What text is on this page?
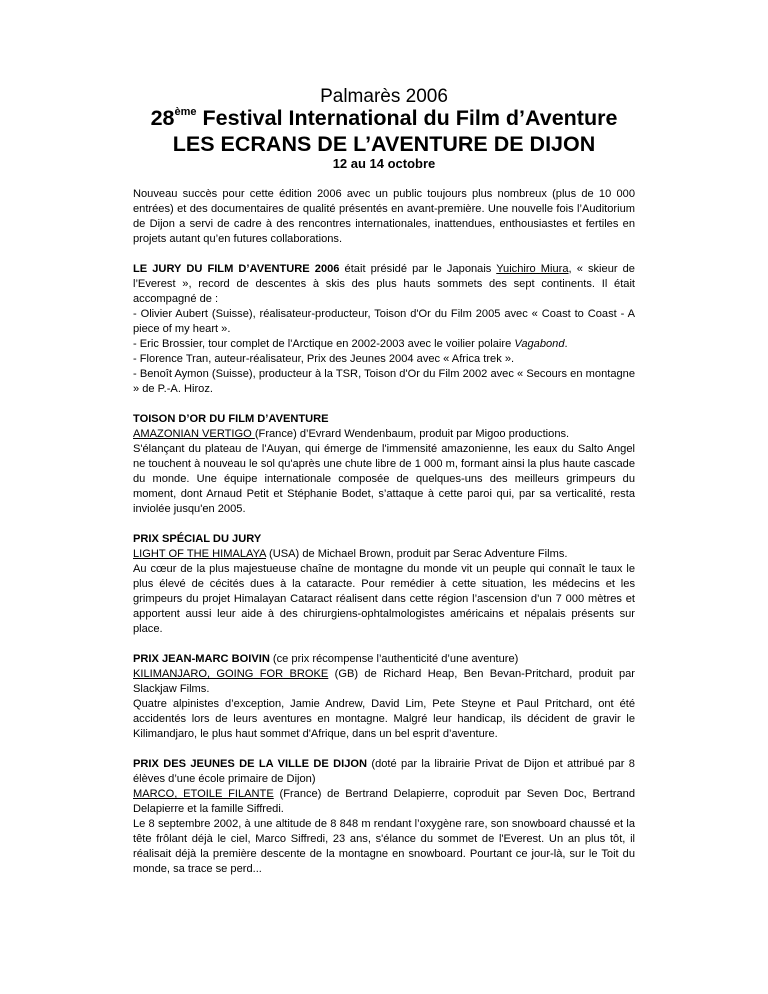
Palmarès 2006
28ème Festival International du Film d’Aventure
LES ECRANS DE L’AVENTURE DE DIJON
12 au 14 octobre

Nouveau succès pour cette édition 2006 avec un public toujours plus nombreux (plus de 10 000 entrées) et des documentaires de qualité présentés en avant-première. Une nouvelle fois l’Auditorium de Dijon a servi de cadre à des rencontres internationales, inattendues, enthousiastes et fertiles en projets autant qu’en futures collaborations.

LE JURY DU FILM D’AVENTURE 2006 était présidé par le Japonais Yuichiro Miura, « skieur de l’Everest », record de descentes à skis des plus hauts sommets des sept continents. Il était accompagné de :
- Olivier Aubert (Suisse), réalisateur-producteur, Toison d'Or du Film 2005 avec « Coast to Coast - A piece of my heart ».
- Eric Brossier, tour complet de l'Arctique en 2002-2003 avec le voilier polaire Vagabond.
- Florence Tran, auteur-réalisateur, Prix des Jeunes 2004 avec « Africa trek ».
- Benoît Aymon (Suisse), producteur à la TSR, Toison d'Or du Film 2002 avec « Secours en montagne » de P.-A. Hiroz.

TOISON D’OR DU FILM D’AVENTURE
AMAZONIAN VERTIGO (France) d’Evrard Wendenbaum, produit par Migoo productions.
S'élançant du plateau de l'Auyan, qui émerge de l'immensité amazonienne, les eaux du Salto Angel ne touchent à nouveau le sol qu'après une chute libre de 1 000 m, formant ainsi la plus haute cascade du monde. Une équipe internationale composée de quelques-uns des meilleurs grimpeurs du moment, dont Arnaud Petit et Stéphanie Bodet, s’attaque à cette paroi qui, par sa verticalité, resta inviolée jusqu'en 2005.

PRIX SPÉCIAL DU JURY
LIGHT OF THE HIMALAYA (USA) de Michael Brown, produit par Serac Adventure Films.
Au cœur de la plus majestueuse chaîne de montagne du monde vit un peuple qui connaît le taux le plus élevé de cécités dues à la cataracte. Pour remédier à cette situation, les médecins et les grimpeurs du projet Himalayan Cataract réalisent dans cette région l’ascension d’un 7 000 mètres et apportent aussi leur aide à des chirurgiens-ophtalmologistes américains et népalais présents sur place.

PRIX JEAN-MARC BOIVIN (ce prix récompense l’authenticité d’une aventure)
KILIMANJARO, GOING FOR BROKE (GB) de Richard Heap, Ben Bevan-Pritchard, produit par Slackjaw Films.
Quatre alpinistes d’exception, Jamie Andrew, David Lim, Pete Steyne et Paul Pritchard, ont été accidentés lors de leurs aventures en montagne. Malgré leur handicap, ils décident de gravir le Kilimandjaro, le plus haut sommet d'Afrique, dans un bel esprit d’aventure.

PRIX DES JEUNES DE LA VILLE DE DIJON (doté par la librairie Privat de Dijon et attribué par 8 élèves d’une école primaire de Dijon)
MARCO, ETOILE FILANTE (France) de Bertrand Delapierre, coproduit par Seven Doc, Bertrand Delapierre et la famille Siffredi.
Le 8 septembre 2002, à une altitude de 8 848 m rendant l’oxygène rare, son snowboard chaussé et la tête frôlant déjà le ciel, Marco Siffredi, 23 ans, s'élance du sommet de l'Everest. Un an plus tôt, il réalisait déjà la première descente de la montagne en snowboard. Pourtant ce jour-là, sur le Toit du monde, sa trace se perd...
